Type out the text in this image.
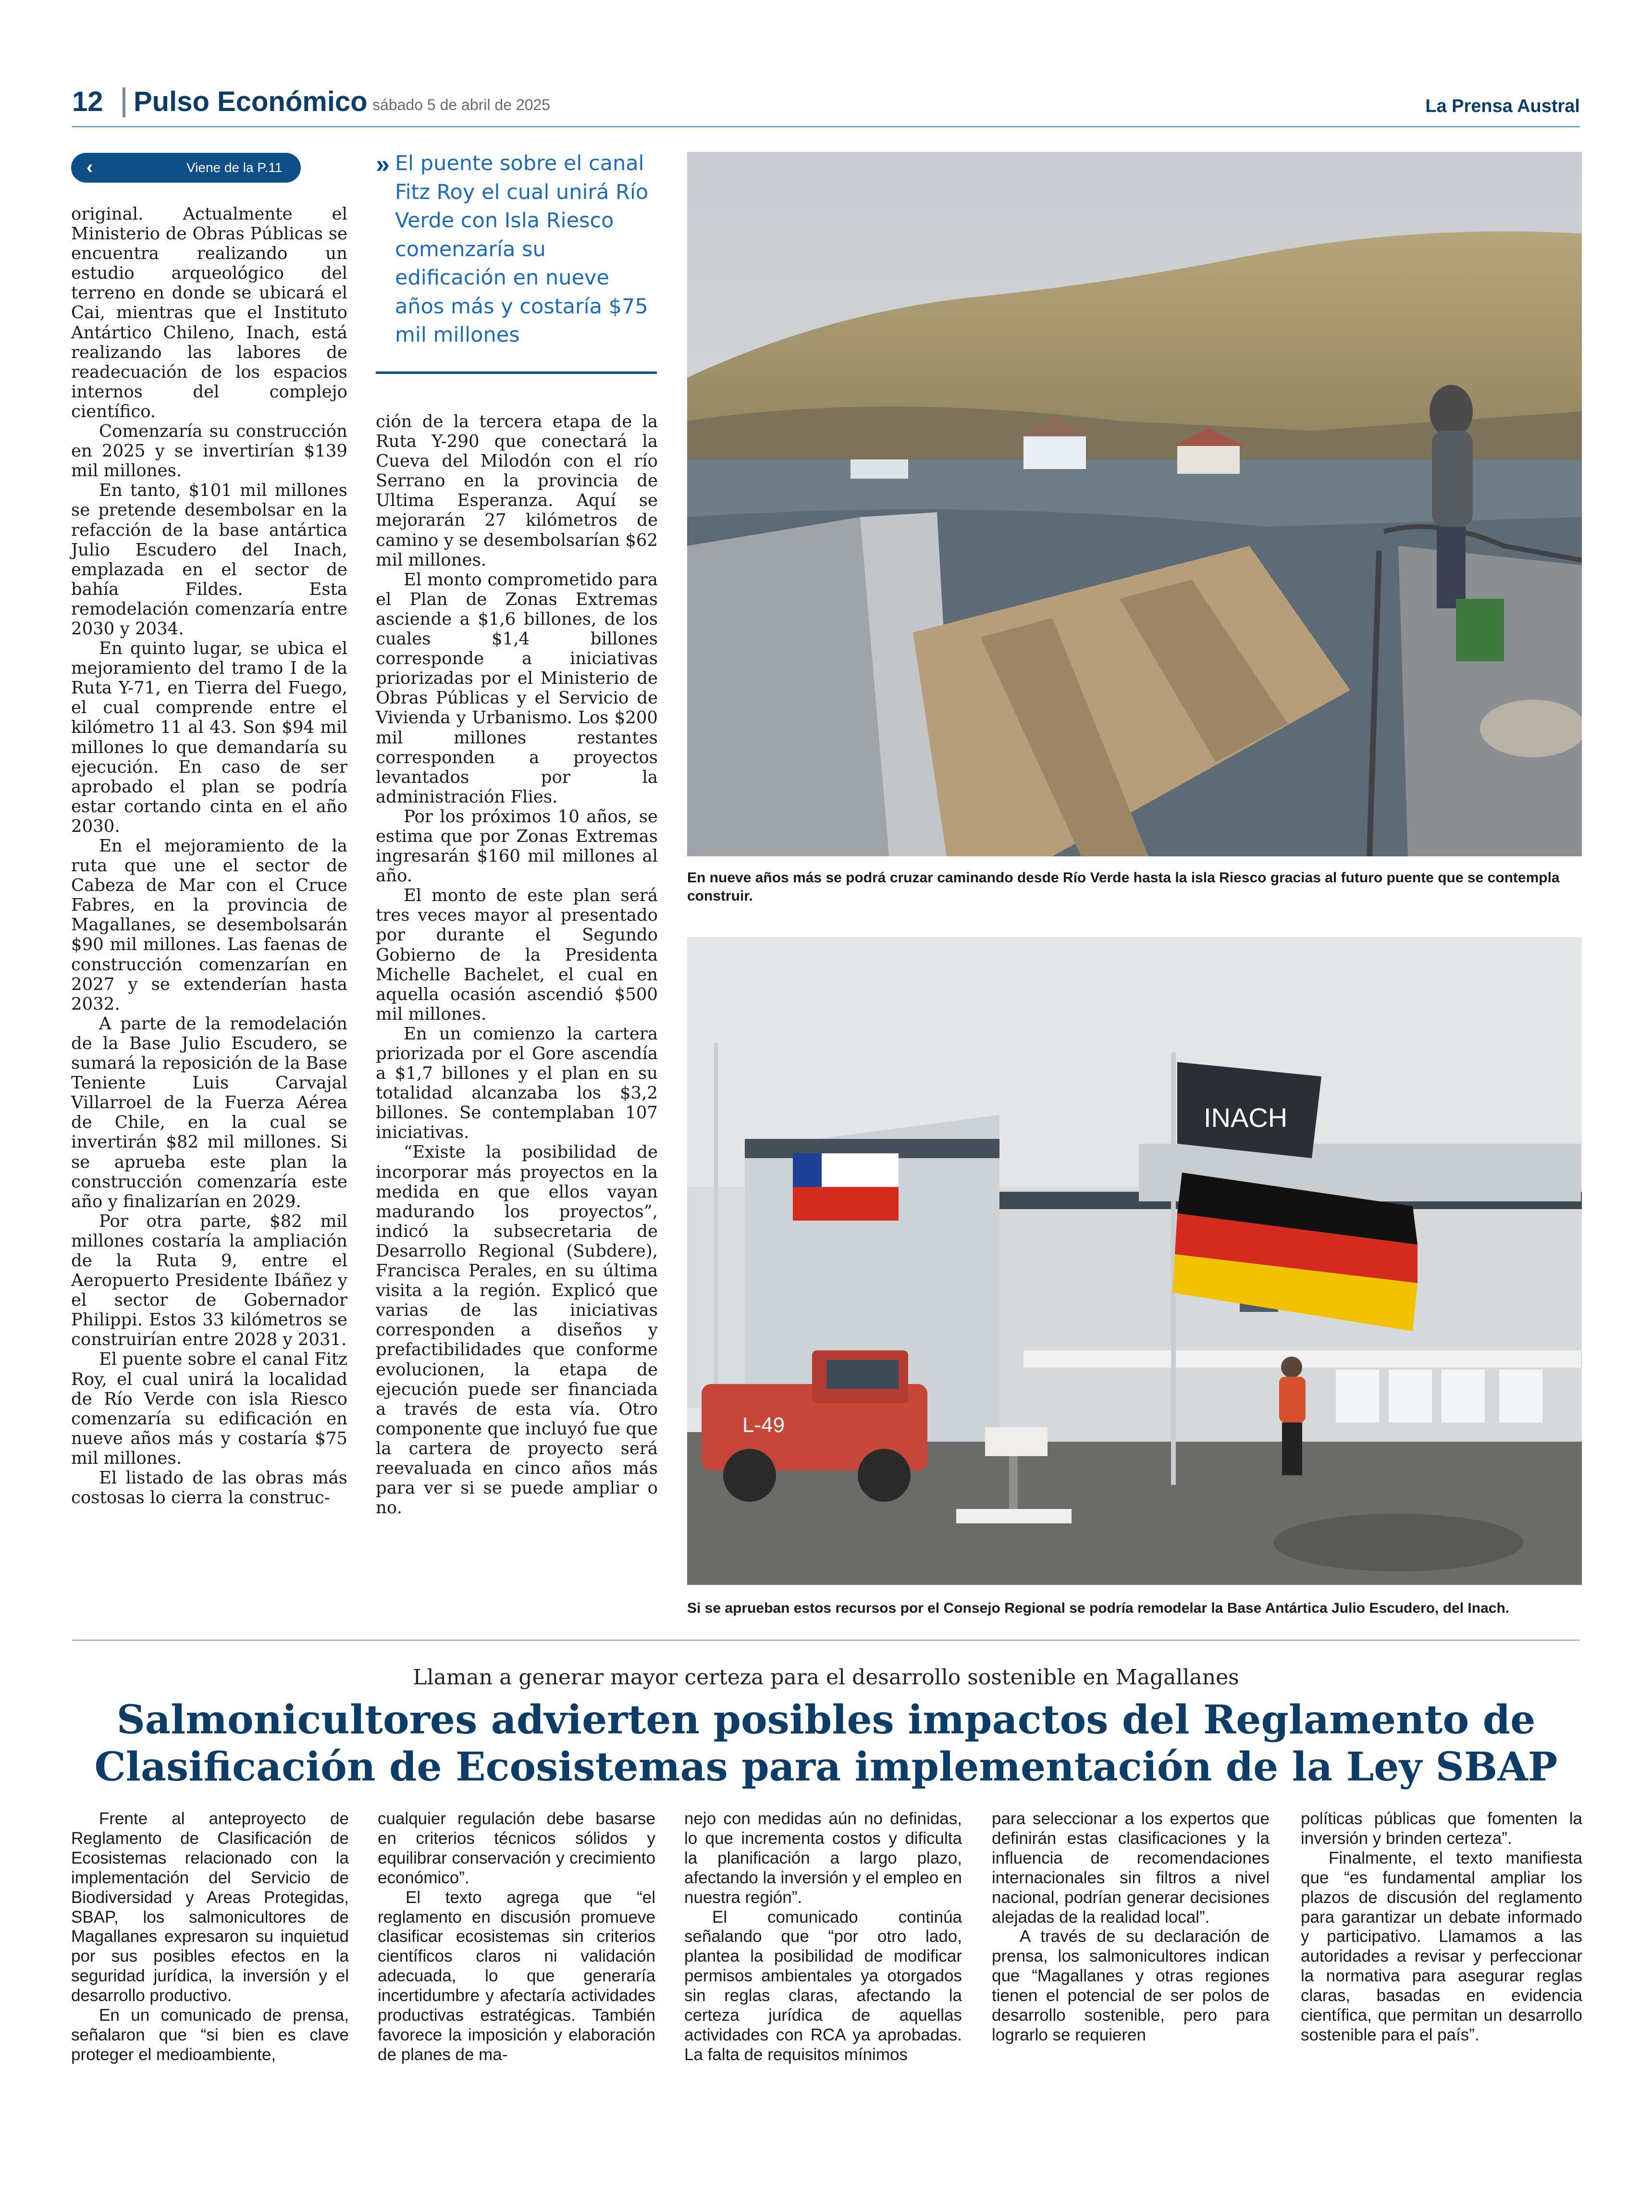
12 Pulso Económico sábado 5 de abril de 2025	La Prensa Austral
‹	Viene de la P.11

original. Actualmente el Ministerio de Obras Públicas se encuentra realizando un estudio arqueológico del terreno en donde se ubicará el Cai, mientras que el Instituto Antártico Chileno, Inach, está realizando las labores de readecuación de los espacios internos del complejo científico.

Comenzaría su construcción en 2025 y se invertirían $139 mil millones.

En tanto, $101 mil millones se pretende desembolsar en la refacción de la base antártica Julio Escudero del Inach, emplazada en el sector de bahía Fildes. Esta remodelación comenzaría entre 2030 y 2034.

En quinto lugar, se ubica el mejoramiento del tramo I de la Ruta Y-71, en Tierra del Fuego, el cual comprende entre el kilómetro 11 al 43. Son $94 mil millones lo que demandaría su ejecución. En caso de ser aprobado el plan se podría estar cortando cinta en el año 2030.

En el mejoramiento de la ruta que une el sector de Cabeza de Mar con el Cruce Fabres, en la provincia de Magallanes, se desembolsarán $90 mil millones. Las faenas de construcción comenzarían en 2027 y se extenderían hasta 2032.

A parte de la remodelación de la Base Julio Escudero, se sumará la reposición de la Base Teniente Luis Carvajal Villarroel de la Fuerza Aérea de Chile, en la cual se invertirán $82 mil millones. Si se aprueba este plan la construcción comenzaría este año y finalizarían en 2029.

Por otra parte, $82 mil millones costaría la ampliación de la Ruta 9, entre el Aeropuerto Presidente Ibáñez y el sector de Gobernador Philippi. Estos 33 kilómetros se construirían entre 2028 y 2031.

El puente sobre el canal Fitz Roy, el cual unirá la localidad de Río Verde con isla Riesco comenzaría su edificación en nueve años más y costaría $75 mil millones.

El listado de las obras más costosas lo cierra la construc-

» El puente sobre el canal Fitz Roy el cual unirá Río Verde con Isla Riesco comenzaría su edificación en nueve años más y costaría $75 mil millones

ción de la tercera etapa de la Ruta Y-290 que conectará la Cueva del Milodón con el río Serrano en la provincia de Ultima Esperanza. Aquí se mejorarán 27 kilómetros de camino y se desembolsarían $62 mil millones.

El monto comprometido para el Plan de Zonas Extremas asciende a $1,6 billones, de los cuales $1,4 billones corresponde a iniciativas priorizadas por el Ministerio de Obras Públicas y el Servicio de Vivienda y Urbanismo. Los $200 mil millones restantes corresponden a proyectos levantados por la administración Flies.

Por los próximos 10 años, se estima que por Zonas Extremas ingresarán $160 mil millones al año.

El monto de este plan será tres veces mayor al presentado por durante el Segundo Gobierno de la Presidenta Michelle Bachelet, el cual en aquella ocasión ascendió $500 mil millones.

En un comienzo la cartera priorizada por el Gore ascendía a $1,7 billones y el plan en su totalidad alcanzaba los $3,2 billones. Se contemplaban 107 iniciativas.

“Existe la posibilidad de incorporar más proyectos en la medida en que ellos vayan madurando los proyectos”, indicó la subsecretaria de Desarrollo Regional (Subdere), Francisca Perales, en su última visita a la región. Explicó que varias de las iniciativas corresponden a diseños y prefactibilidades que conforme evolucionen, la etapa de ejecución puede ser financiada a través de esta vía. Otro componente que incluyó fue que la cartera de proyecto será reevaluada en cinco años más para ver si se puede ampliar o no.

En nueve años más se podrá cruzar caminando desde Río Verde hasta la isla Riesco gracias al futuro puente que se contempla construir.
INACH
L-49
Si se aprueban estos recursos por el Consejo Regional se podría remodelar la Base Antártica Julio Escudero, del Inach.
Llaman a generar mayor certeza para el desarrollo sostenible en Magallanes
Salmonicultores advierten posibles impactos del Reglamento de Clasificación de Ecosistemas para implementación de la Ley SBAP

Frente al anteproyecto de Reglamento de Clasificación de Ecosistemas relacionado con la implementación del Servicio de Biodiversidad y Areas Protegidas, SBAP, los salmonicultores de Magallanes expresaron su inquietud por sus posibles efectos en la seguridad jurídica, la inversión y el desarrollo productivo.

En un comunicado de prensa, señalaron que “si bien es clave proteger el medioambiente,

cualquier regulación debe basarse en criterios técnicos sólidos y equilibrar conservación y crecimiento económico”.

El texto agrega que “el reglamento en discusión promueve clasificar ecosistemas sin criterios científicos claros ni validación adecuada, lo que generaría incertidumbre y afectaría actividades productivas estratégicas. También favorece la imposición y elaboración de planes de ma-

nejo con medidas aún no definidas, lo que incrementa costos y dificulta la planificación a largo plazo, afectando la inversión y el empleo en nuestra región”.

El comunicado continúa señalando que “por otro lado, plantea la posibilidad de modificar permisos ambientales ya otorgados sin reglas claras, afectando la certeza jurídica de aquellas actividades con RCA ya aprobadas. La falta de requisitos mínimos

para seleccionar a los expertos que definirán estas clasificaciones y la influencia de recomendaciones internacionales sin filtros a nivel nacional, podrían generar decisiones alejadas de la realidad local”.

A través de su declaración de prensa, los salmonicultores indican que “Magallanes y otras regiones tienen el potencial de ser polos de desarrollo sostenible, pero para lograrlo se requieren

políticas públicas que fomenten la inversión y brinden certeza”.

Finalmente, el texto manifiesta que “es fundamental ampliar los plazos de discusión del reglamento para garantizar un debate informado y participativo. Llamamos a las autoridades a revisar y perfeccionar la normativa para asegurar reglas claras, basadas en evidencia científica, que permitan un desarrollo sostenible para el país”.
